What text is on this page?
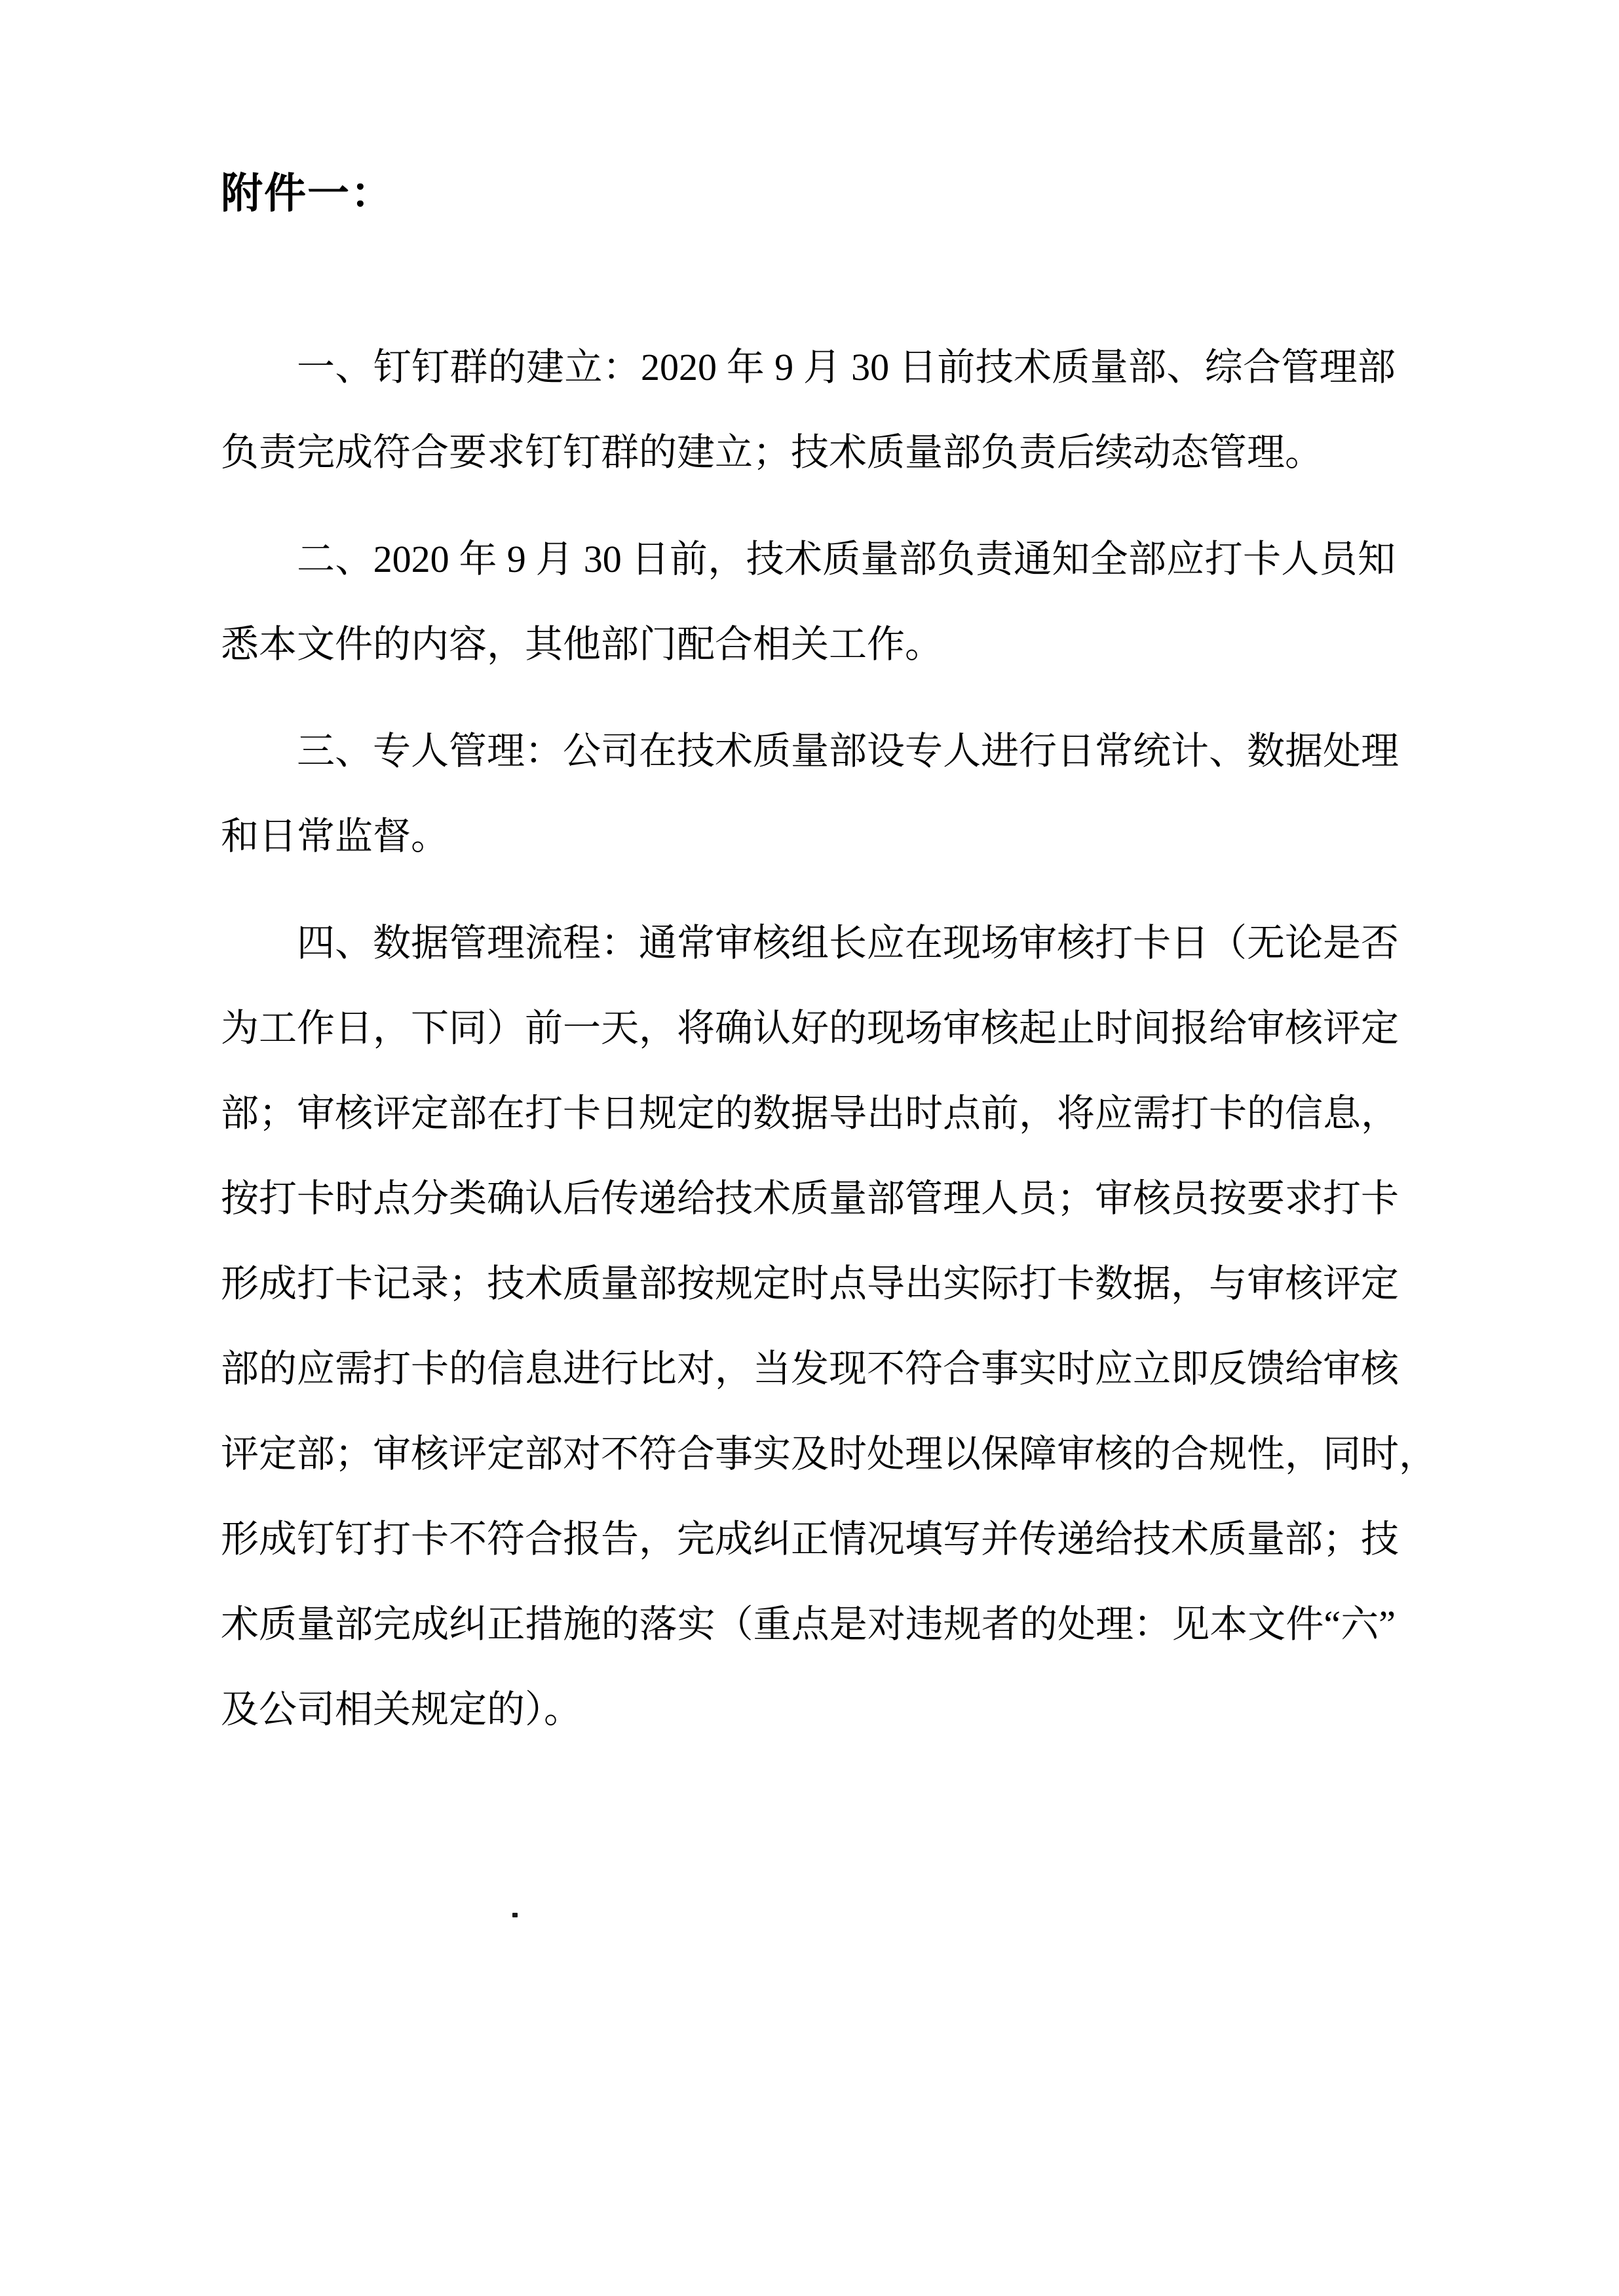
附件一：
一、钉钉群的建立：2020 年 9 月 30 日前技术质量部、综合管理部
负责完成符合要求钉钉群的建立；技术质量部负责后续动态管理。
二、2020 年 9 月 30 日前，技术质量部负责通知全部应打卡人员知
悉本文件的内容，其他部门配合相关工作。
三、专人管理：公司在技术质量部设专人进行日常统计、数据处理
和日常监督。
四、数据管理流程：通常审核组长应在现场审核打卡日（无论是否
为工作日，下同）前一天，将确认好的现场审核起止时间报给审核评定
部；审核评定部在打卡日规定的数据导出时点前，将应需打卡的信息，
按打卡时点分类确认后传递给技术质量部管理人员；审核员按要求打卡
形成打卡记录；技术质量部按规定时点导出实际打卡数据，与审核评定
部的应需打卡的信息进行比对，当发现不符合事实时应立即反馈给审核
评定部；审核评定部对不符合事实及时处理以保障审核的合规性，同时，
形成钉钉打卡不符合报告，完成纠正情况填写并传递给技术质量部；技
术质量部完成纠正措施的落实（重点是对违规者的处理：见本文件“六”
及公司相关规定的）。
